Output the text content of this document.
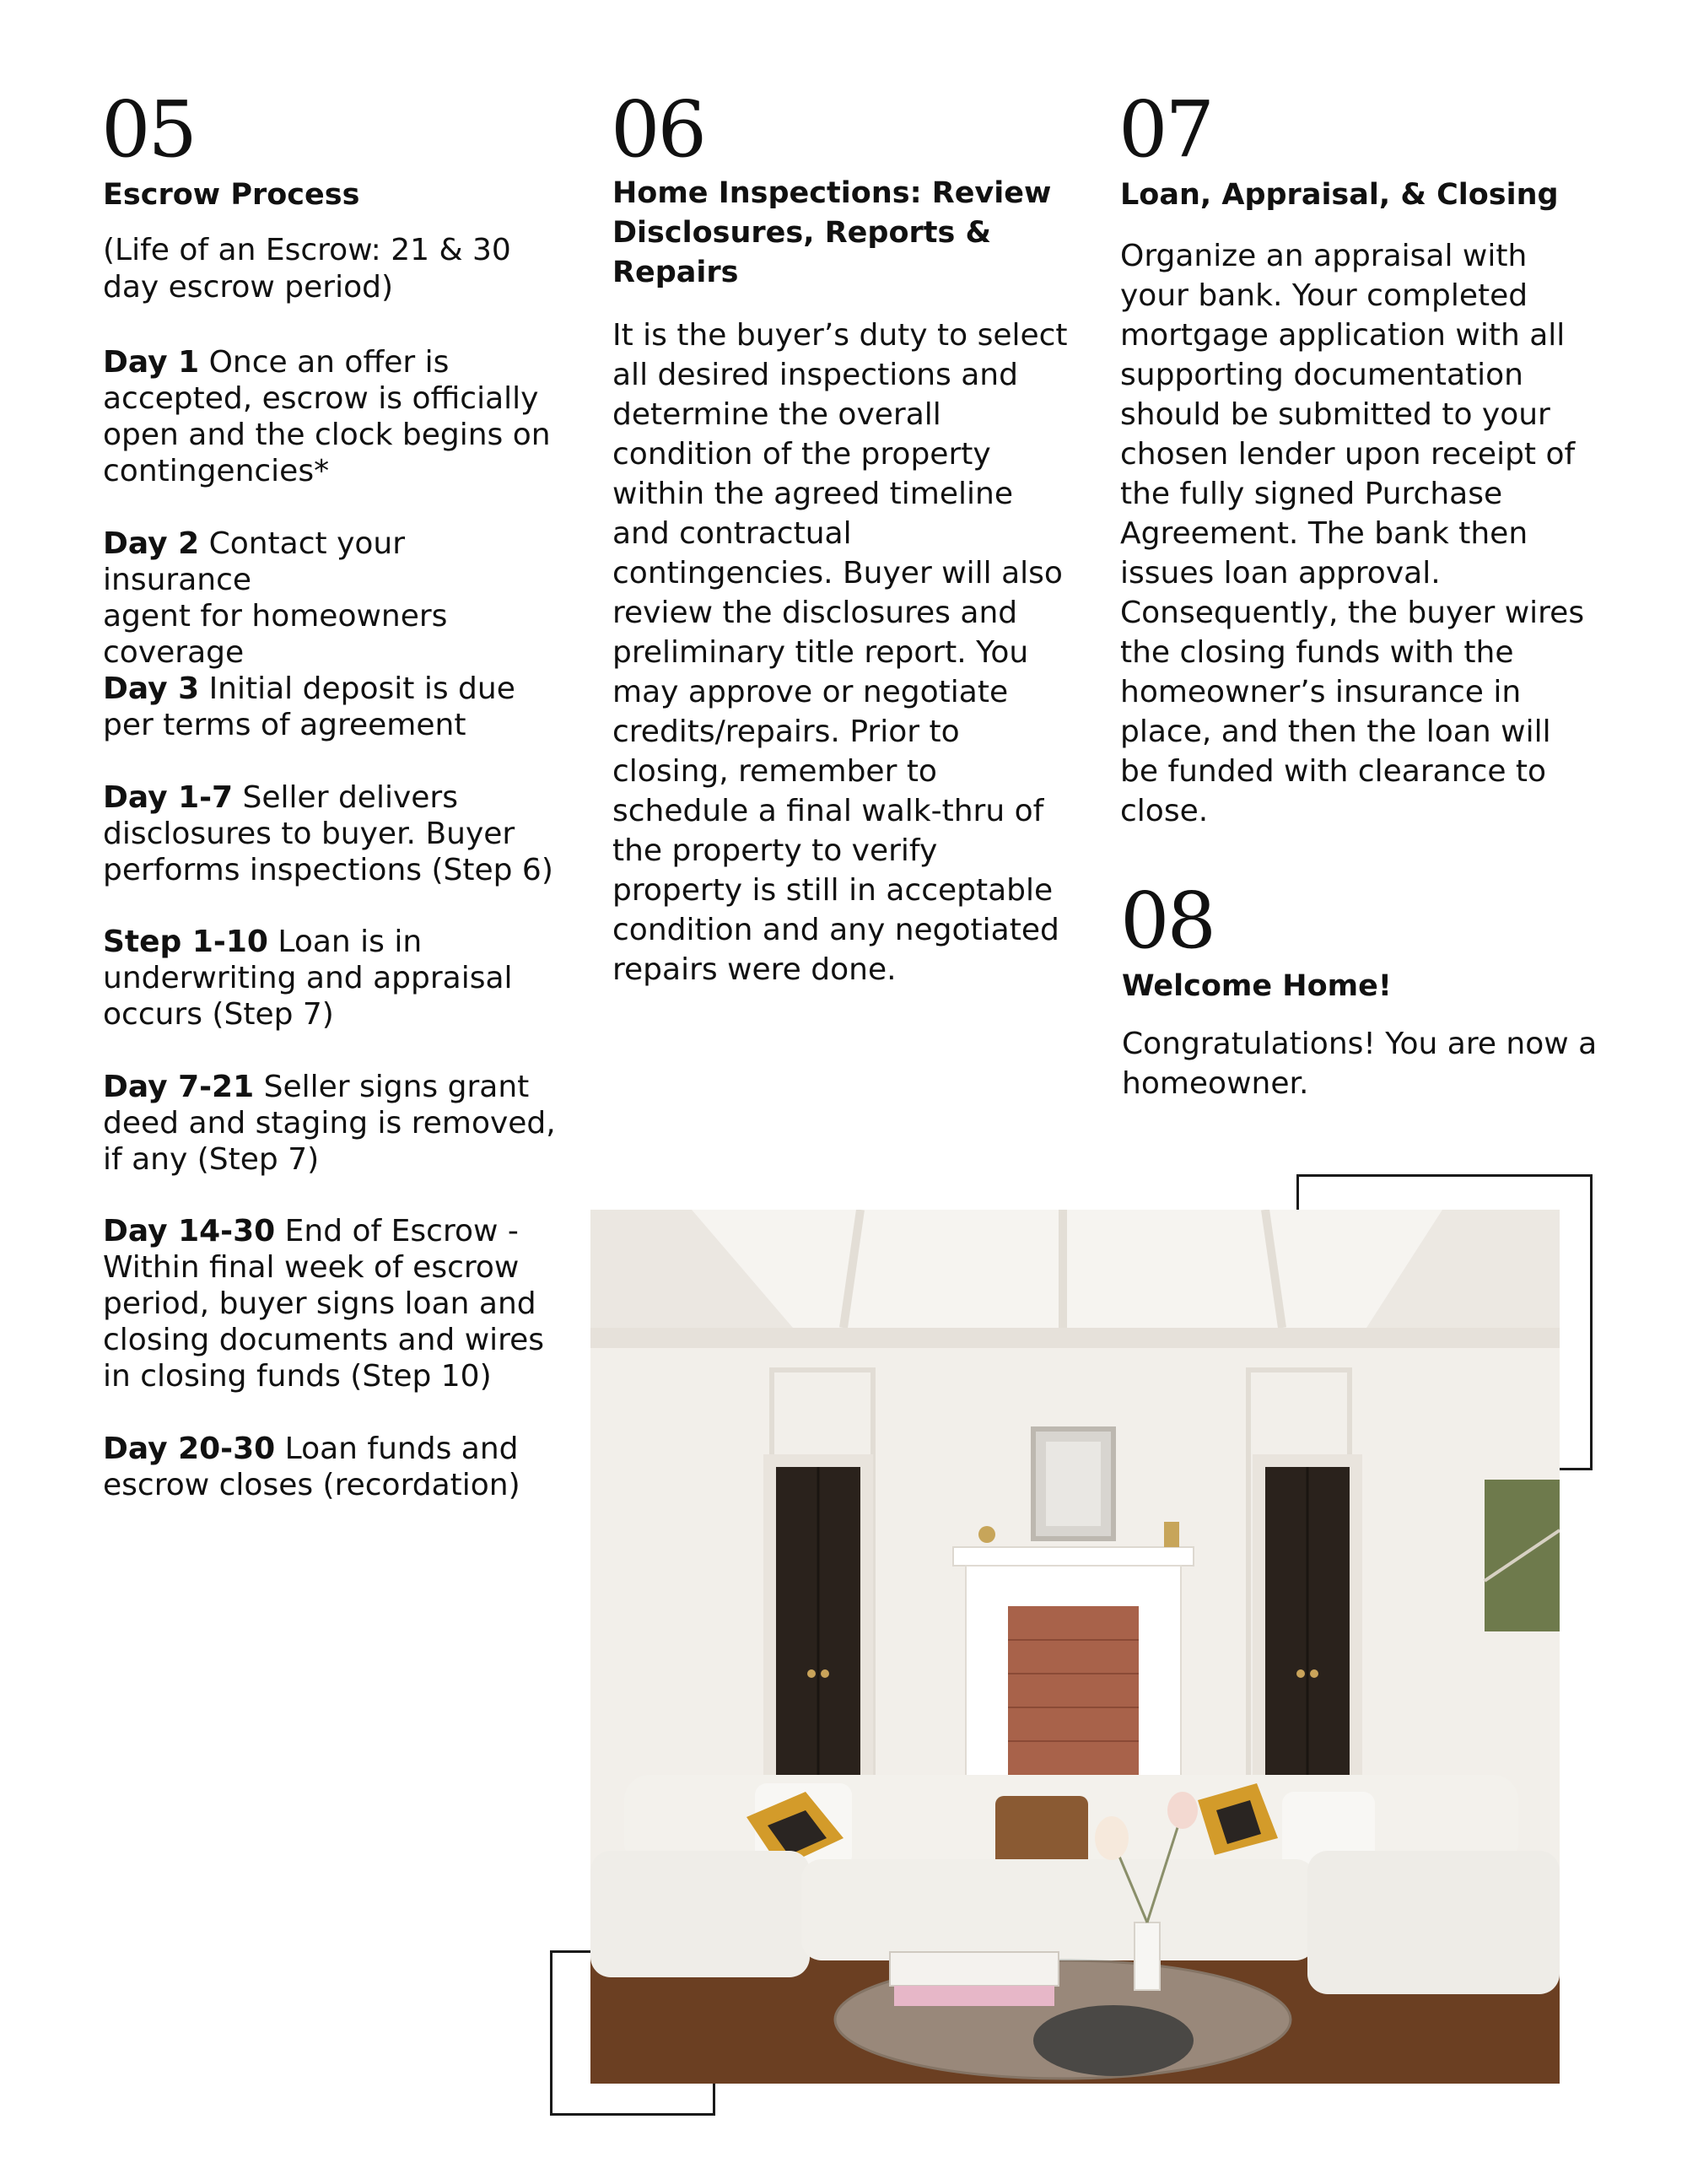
05
Escrow Process
(Life of an Escrow: 21 & 30
day escrow period)
Day 1 Once an offer is
accepted, escrow is officially
open and the clock begins on
contingencies*
Day 2 Contact your insurance
agent for homeowners
coverage
Day 3 Initial deposit is due
per terms of agreement
Day 1-7 Seller delivers
disclosures to buyer. Buyer
performs inspections (Step 6)
Step 1-10 Loan is in
underwriting and appraisal
occurs (Step 7)
Day 7-21 Seller signs grant
deed and staging is removed,
if any (Step 7)
Day 14-30 End of Escrow -
Within final week of escrow
period, buyer signs loan and
closing documents and wires
in closing funds (Step 10)
Day 20-30 Loan funds and
escrow closes (recordation)
06
Home Inspections: Review
Disclosures, Reports &
Repairs
It is the buyer’s duty to select
all desired inspections and
determine the overall
condition of the property
within the agreed timeline
and contractual
contingencies. Buyer will also
review the disclosures and
preliminary title report. You
may approve or negotiate
credits/repairs. Prior to
closing, remember to
schedule a final walk-thru of
the property to verify
property is still in acceptable
condition and any negotiated
repairs were done.
07
Loan, Appraisal, & Closing
Organize an appraisal with
your bank. Your completed
mortgage application with all
supporting documentation
should be submitted to your
chosen lender upon receipt of
the fully signed Purchase
Agreement. The bank then
issues loan approval.
Consequently, the buyer wires
the closing funds with the
homeowner’s insurance in
place, and then the loan will
be funded with clearance to
close.
08
Welcome Home!
Congratulations! You are now a
homeowner.
